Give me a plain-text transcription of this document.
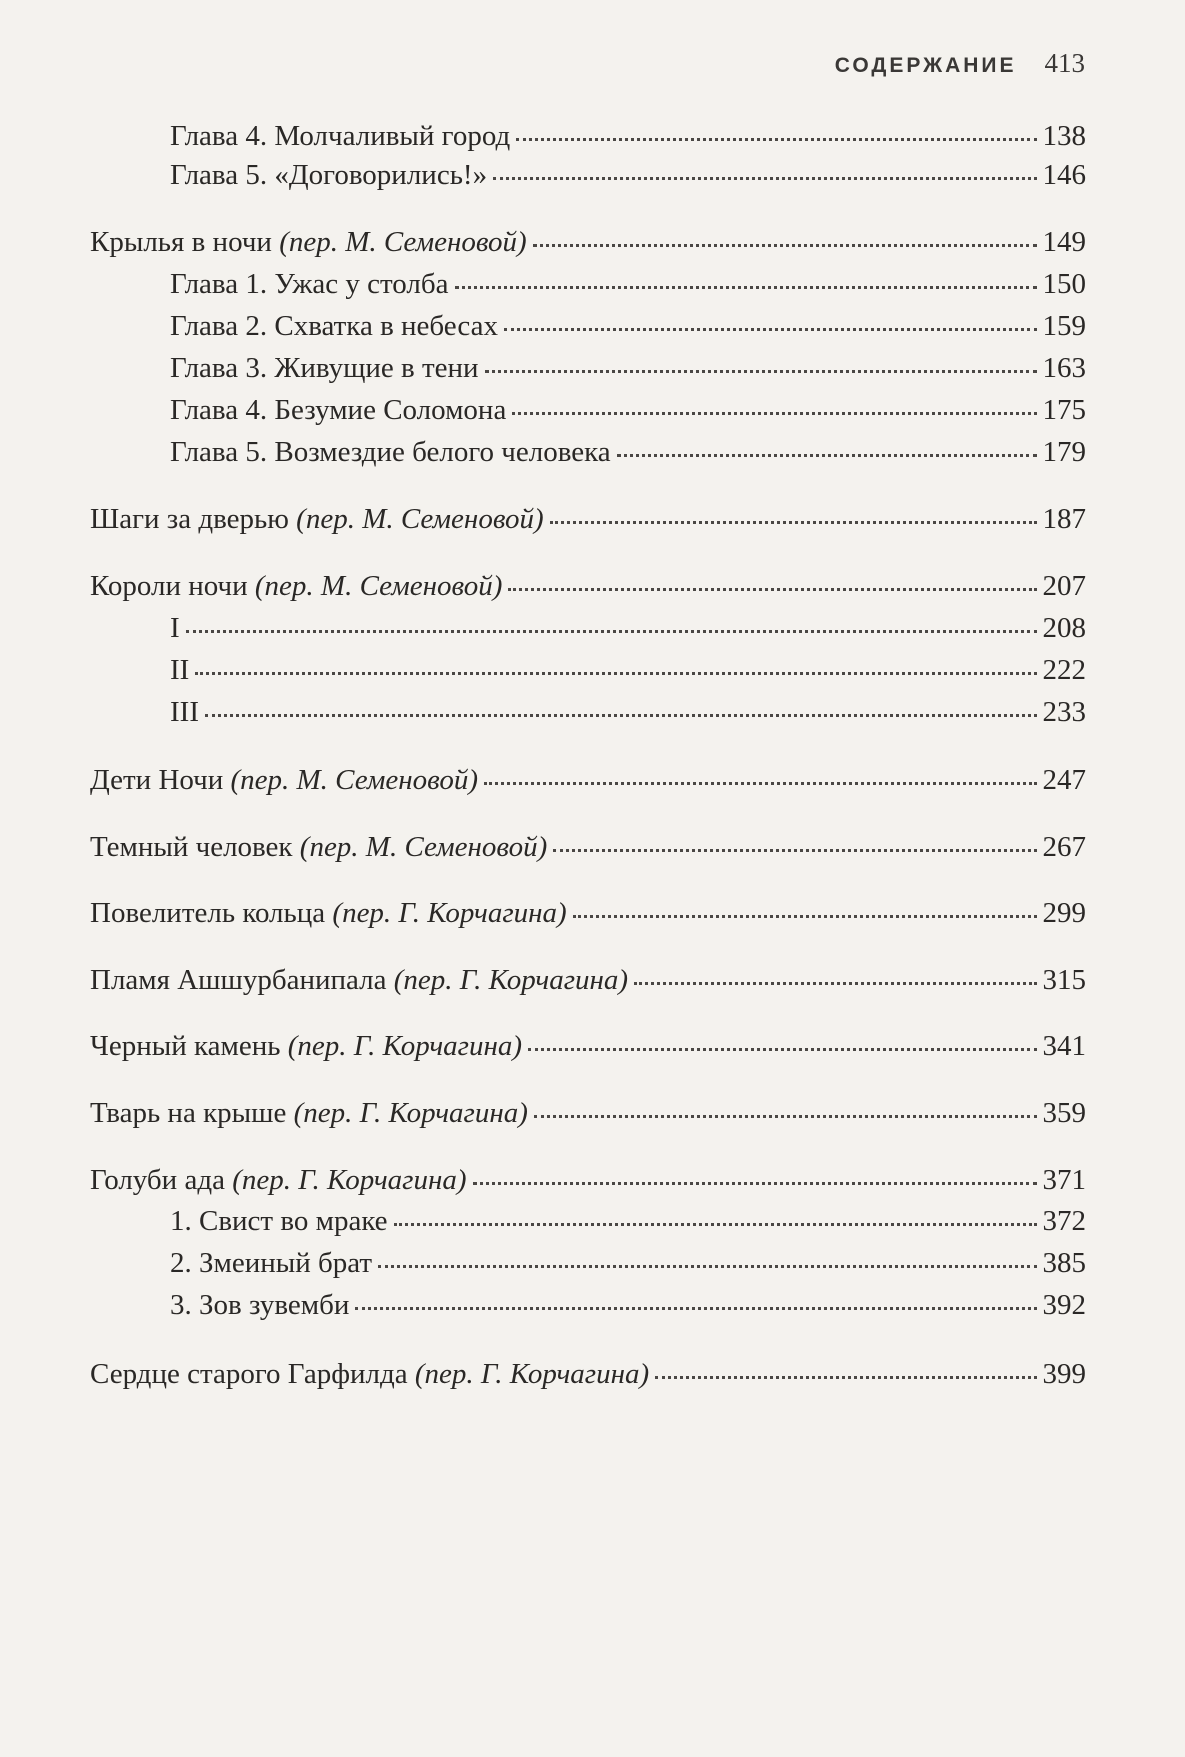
СОДЕРЖАНИЕ 413
Глава 4. Молчаливый город	138
Глава 5. «Договорились!»	146
Крылья в ночи (пер. М. Семеновой)	149
Глава 1. Ужас у столба	150
Глава 2. Схватка в небесах	159
Глава 3. Живущие в тени	163
Глава 4. Безумие Соломона	175
Глава 5. Возмездие белого человека	179
Шаги за дверью (пер. М. Семеновой)	187
Короли ночи (пер. М. Семеновой)	207
I	208
II	222
III	233
Дети Ночи (пер. М. Семеновой)	247
Темный человек (пер. М. Семеновой)	267
Повелитель кольца (пер. Г. Корчагина)	299
Пламя Ашшурбанипала (пер. Г. Корчагина)	315
Черный камень (пер. Г. Корчагина)	341
Тварь на крыше (пер. Г. Корчагина)	359
Голуби ада (пер. Г. Корчагина)	371
1. Свист во мраке	372
2. Змеиный брат	385
3. Зов зувемби	392
Сердце старого Гарфилда (пер. Г. Корчагина)	399
